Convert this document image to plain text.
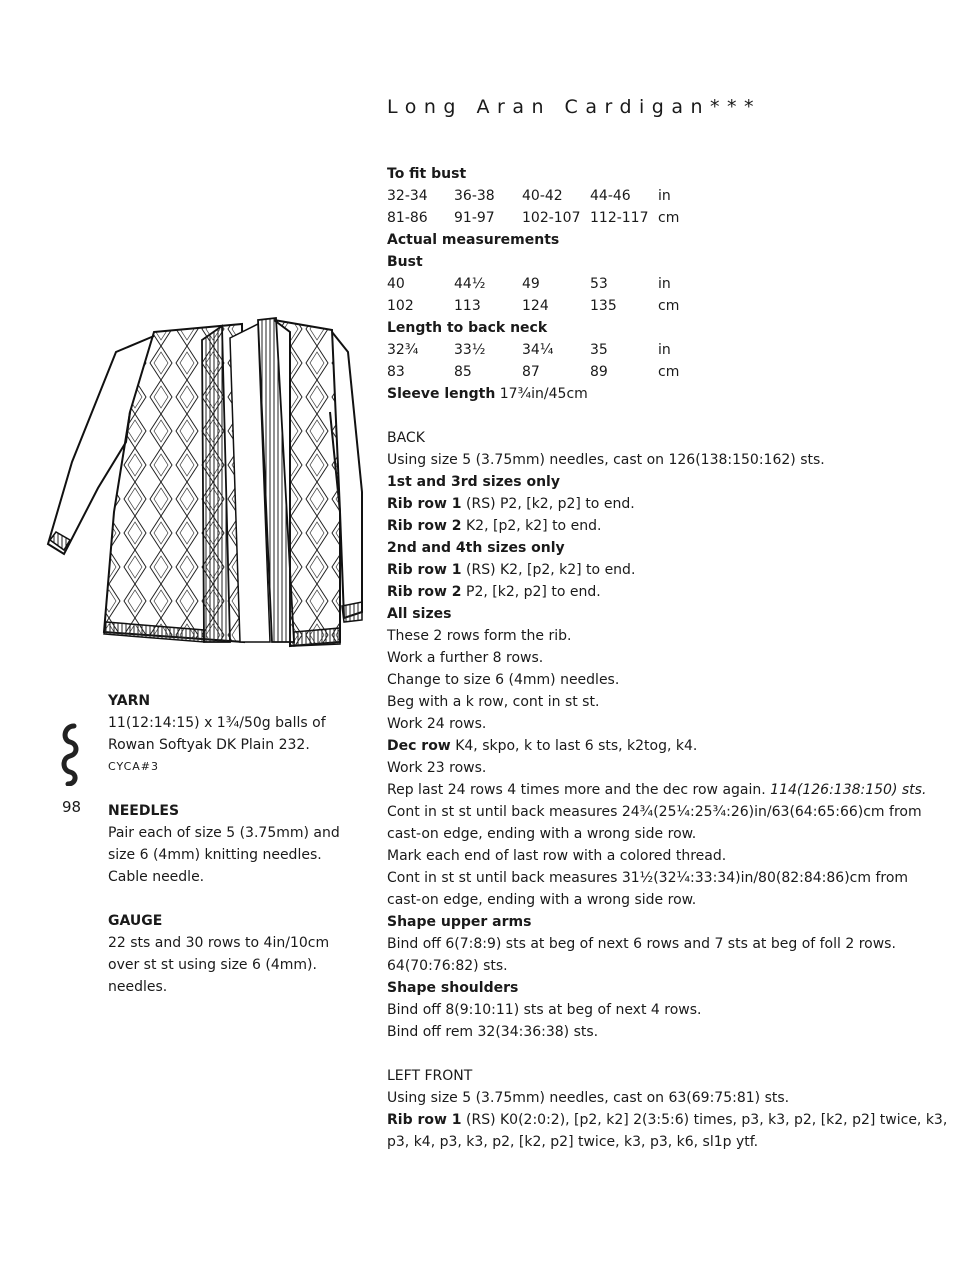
Long Aran Cardigan***
To fit bust
32-34	36-38	40-42	44-46	in
81-86	91-97	102-107	112-117	cm
Actual measurements
Bust
40	44½	49	53	in
102	113	124	135	cm
Length to back neck
32¾	33½	34¼	35	in
83	85	87	89	cm
Sleeve length 17¾in/45cm
BACK
Using size 5 (3.75mm) needles, cast on 126(138:150:162) sts.
1st and 3rd sizes only
Rib row 1 (RS) P2, [k2, p2] to end.
Rib row 2 K2, [p2, k2] to end.
2nd and 4th sizes only
Rib row 1 (RS) K2, [p2, k2] to end.
Rib row 2 P2, [k2, p2] to end.
All sizes
These 2 rows form the rib.
Work a further 8 rows.
Change to size 6 (4mm) needles.
Beg with a k row, cont in st st.
Work 24 rows.
Dec row K4, skpo, k to last 6 sts, k2tog, k4.
Work 23 rows.
Rep last 24 rows 4 times more and the dec row again. 114(126:138:150) sts.
Cont in st st until back measures 24¾(25¼:25¾:26)in/63(64:65:66)cm from
cast-on edge, ending with a wrong side row.
Mark each end of last row with a colored thread.
Cont in st st until back measures 31½(32¼:33:34)in/80(82:84:86)cm from
cast-on edge, ending with a wrong side row.
Shape upper arms
Bind off 6(7:8:9) sts at beg of next 6 rows and 7 sts at beg of foll 2 rows.
64(70:76:82) sts.
Shape shoulders
Bind off 8(9:10:11) sts at beg of next 4 rows.
Bind off rem 32(34:36:38) sts.
LEFT FRONT
Using size 5 (3.75mm) needles, cast on 63(69:75:81) sts.
Rib row 1 (RS) K0(2:0:2), [p2, k2] 2(3:5:6) times, p3, k3, p2, [k2, p2] twice, k3,
p3, k4, p3, k3, p2, [k2, p2] twice, k3, p3, k6, sl1p ytf.
YARN
11(12:14:15) x 1¾/50g balls of
Rowan Softyak DK Plain 232.
CYCA#3
98 NEEDLES
Pair each of size 5 (3.75mm) and
size 6 (4mm) knitting needles.
Cable needle.
GAUGE
22 sts and 30 rows to 4in/10cm
over st st using size 6 (4mm).
needles.
